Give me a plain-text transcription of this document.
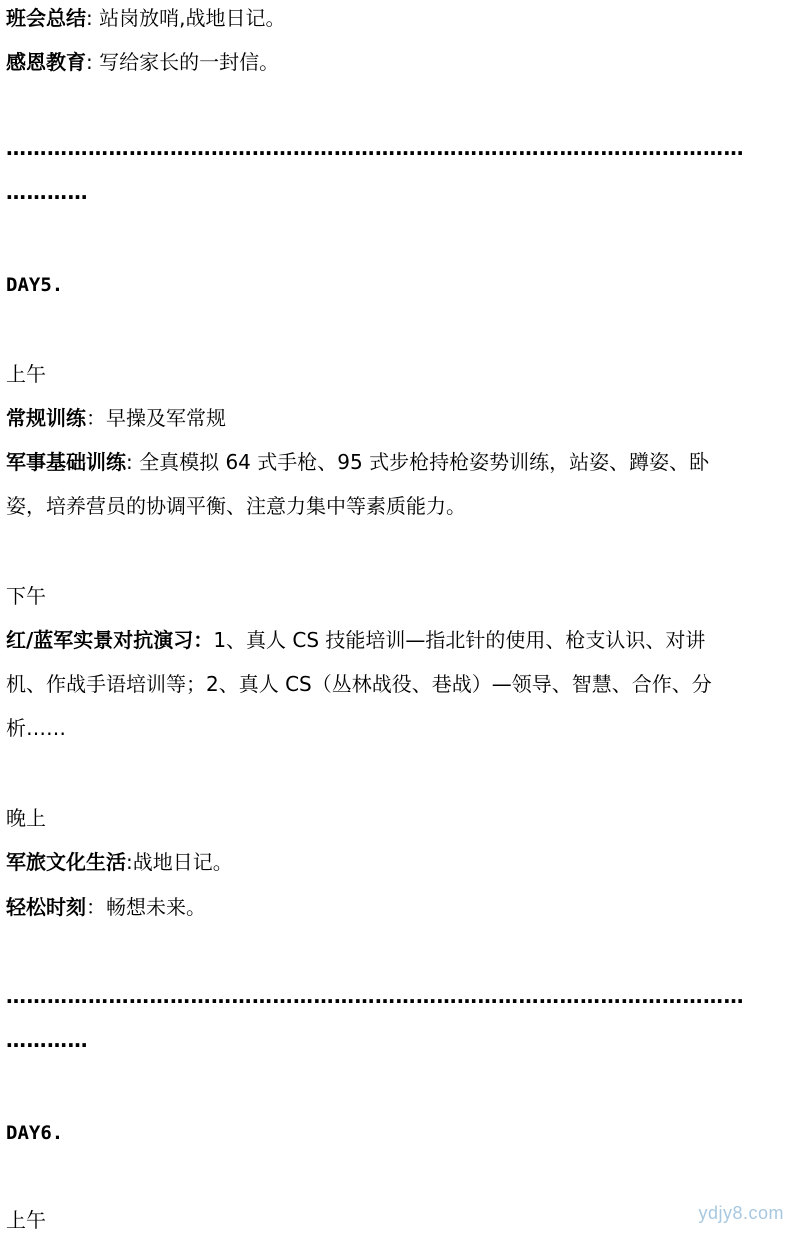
班会总结: 站岗放哨,战地日记。
感恩教育: 写给家长的一封信。
………………………………………………………………………………………………
…………
DAY5.
上午
常规训练：早操及军常规
军事基础训练: 全真模拟 64 式手枪、95 式步枪持枪姿势训练，站姿、蹲姿、卧
姿，培养营员的协调平衡、注意力集中等素质能力。
下午
红/蓝军实景对抗演习：1、真人 CS 技能培训—指北针的使用、枪支认识、对讲
机、作战手语培训等；2、真人 CS（丛林战役、巷战）—领导、智慧、合作、分
析……
晚上
军旅文化生活:战地日记。
轻松时刻：畅想未来。
………………………………………………………………………………………………
…………
DAY6.
上午	ydjy8.com
